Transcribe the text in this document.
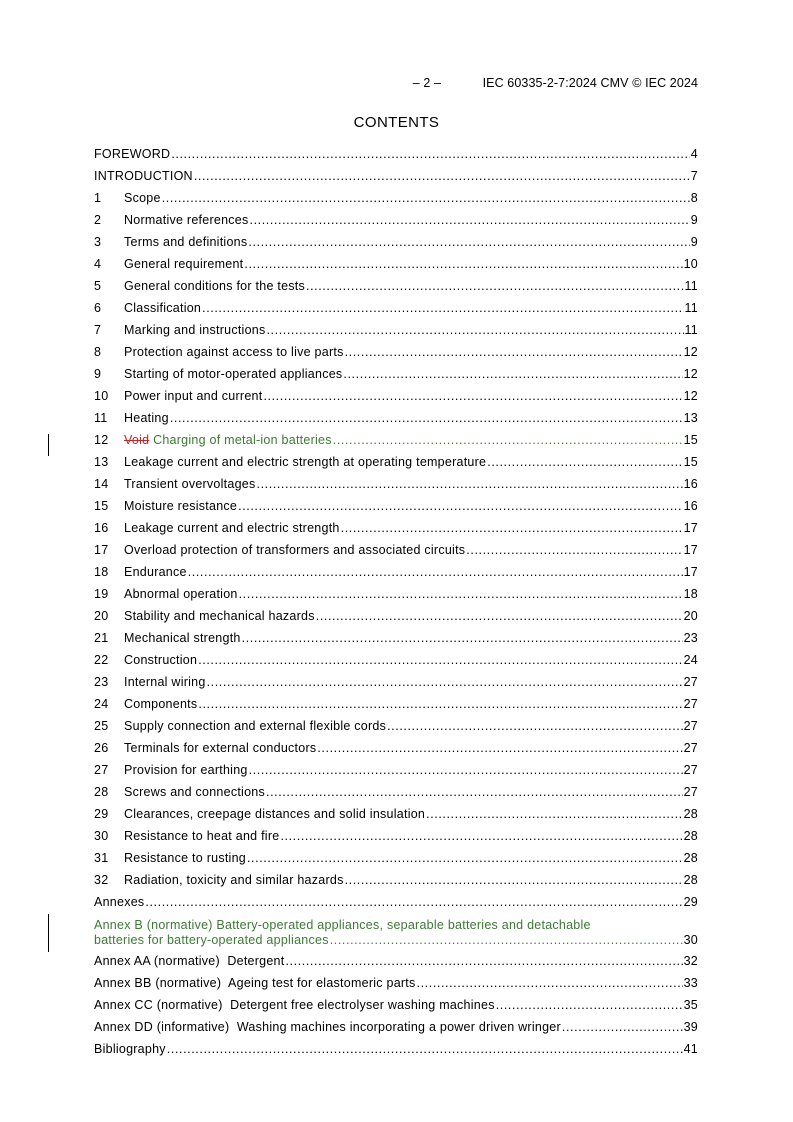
– 2 –	IEC 60335-2-7:2024 CMV © IEC 2024
CONTENTS
FOREWORD .....	4
INTRODUCTION .....	7
1	Scope .....	8
2	Normative references .....	9
3	Terms and definitions .....	9
4	General requirement .....	10
5	General conditions for the tests .....	11
6	Classification .....	11
7	Marking and instructions .....	11
8	Protection against access to live parts .....	12
9	Starting of motor-operated appliances .....	12
10	Power input and current .....	12
11	Heating .....	13
12	Void Charging of metal-ion batteries .....	15
13	Leakage current and electric strength at operating temperature .....	15
14	Transient overvoltages .....	16
15	Moisture resistance .....	16
16	Leakage current and electric strength .....	17
17	Overload protection of transformers and associated circuits .....	17
18	Endurance .....	17
19	Abnormal operation .....	18
20	Stability and mechanical hazards .....	20
21	Mechanical strength .....	23
22	Construction .....	24
23	Internal wiring .....	27
24	Components .....	27
25	Supply connection and external flexible cords .....	27
26	Terminals for external conductors .....	27
27	Provision for earthing .....	27
28	Screws and connections .....	27
29	Clearances, creepage distances and solid insulation .....	28
30	Resistance to heat and fire .....	28
31	Resistance to rusting .....	28
32	Radiation, toxicity and similar hazards .....	28
Annexes .....	29
Annex B (normative) Battery-operated appliances, separable batteries and detachable
batteries for battery-operated appliances .....	30
Annex AA (normative)  Detergent .....	32
Annex BB (normative)  Ageing test for elastomeric parts .....	33
Annex CC (normative)  Detergent free electrolyser washing machines .....	35
Annex DD (informative)  Washing machines incorporating a power driven wringer .....	39
Bibliography .....	41
